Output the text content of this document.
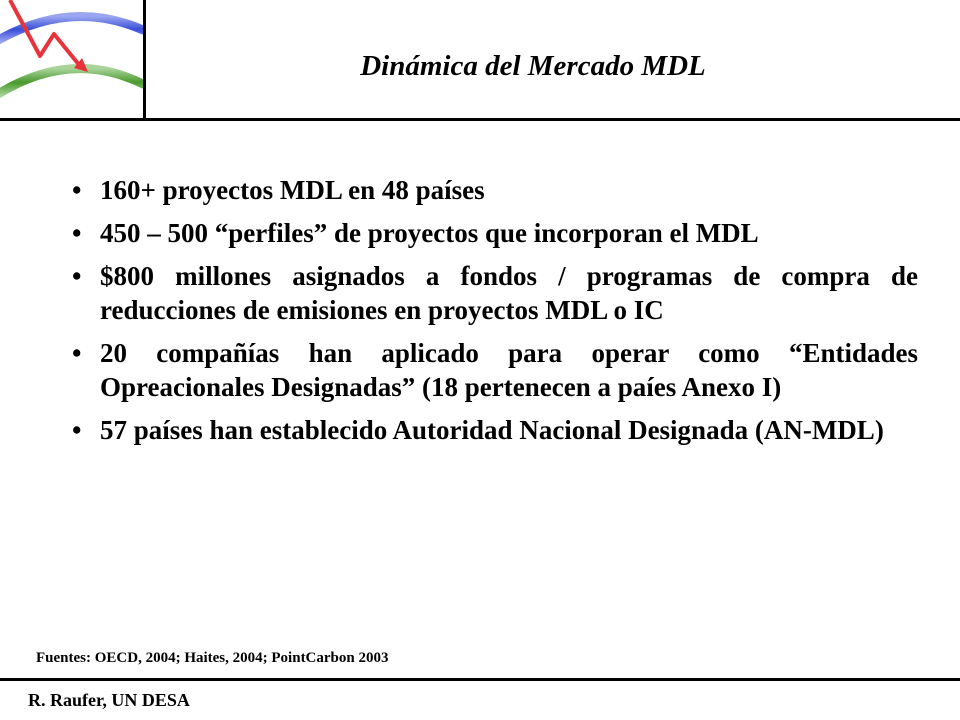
Dinámica del Mercado MDL
• 160+ proyectos MDL en 48 países
• 450 – 500 “perfiles” de proyectos que incorporan el MDL
• $800 millones asignados a fondos / programas de compra de reducciones de emisiones en proyectos MDL o IC
• 20 compañías han aplicado para operar como “Entidades Opreacionales Designadas” (18 pertenecen a paíes Anexo I)
• 57 países han establecido Autoridad Nacional Designada (AN-MDL)
Fuentes: OECD, 2004; Haites, 2004; PointCarbon 2003
R. Raufer, UN DESA
